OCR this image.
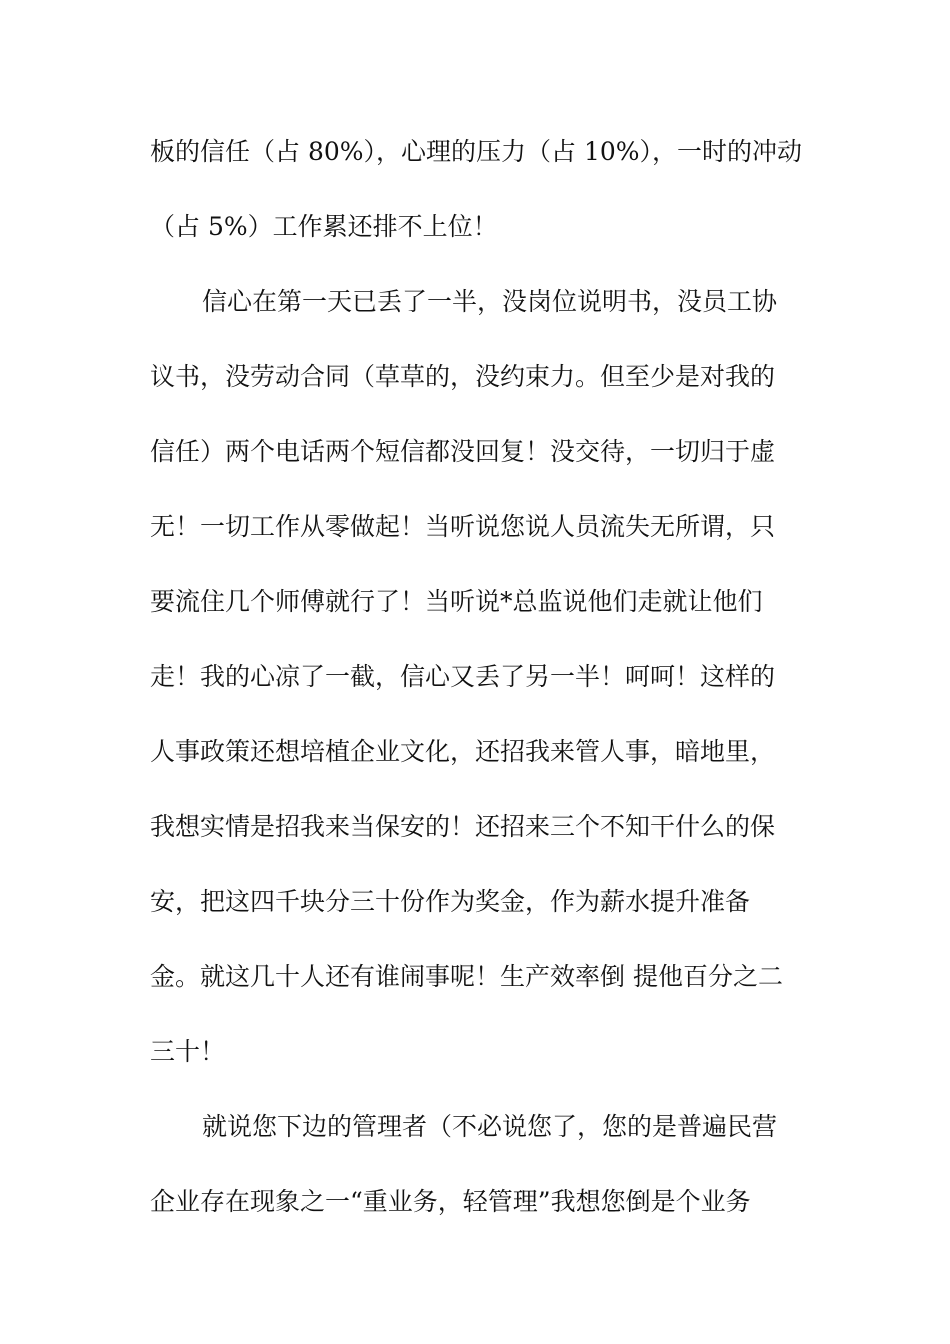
板的信任（占 80%），心理的压力（占 10%），一时的冲动
（占 5%）工作累还排不上位！
信心在第一天已丢了一半，没岗位说明书，没员工协
议书，没劳动合同（草草的，没约束力。但至少是对我的
信任）两个电话两个短信都没回复！没交待，一切归于虚
无！一切工作从零做起！当听说您说人员流失无所谓，只
要流住几个师傅就行了！当听说*总监说他们走就让他们
走！我的心凉了一截，信心又丢了另一半！呵呵！这样的
人事政策还想培植企业文化，还招我来管人事，暗地里，
我想实情是招我来当保安的！还招来三个不知干什么的保
安，把这四千块分三十份作为奖金，作为薪水提升准备
金。就这几十人还有谁闹事呢！生产效率倒 提他百分之二
三十！
就说您下边的管理者（不必说您了，您的是普遍民营
企业存在现象之一“重业务，轻管理”我想您倒是个业务
